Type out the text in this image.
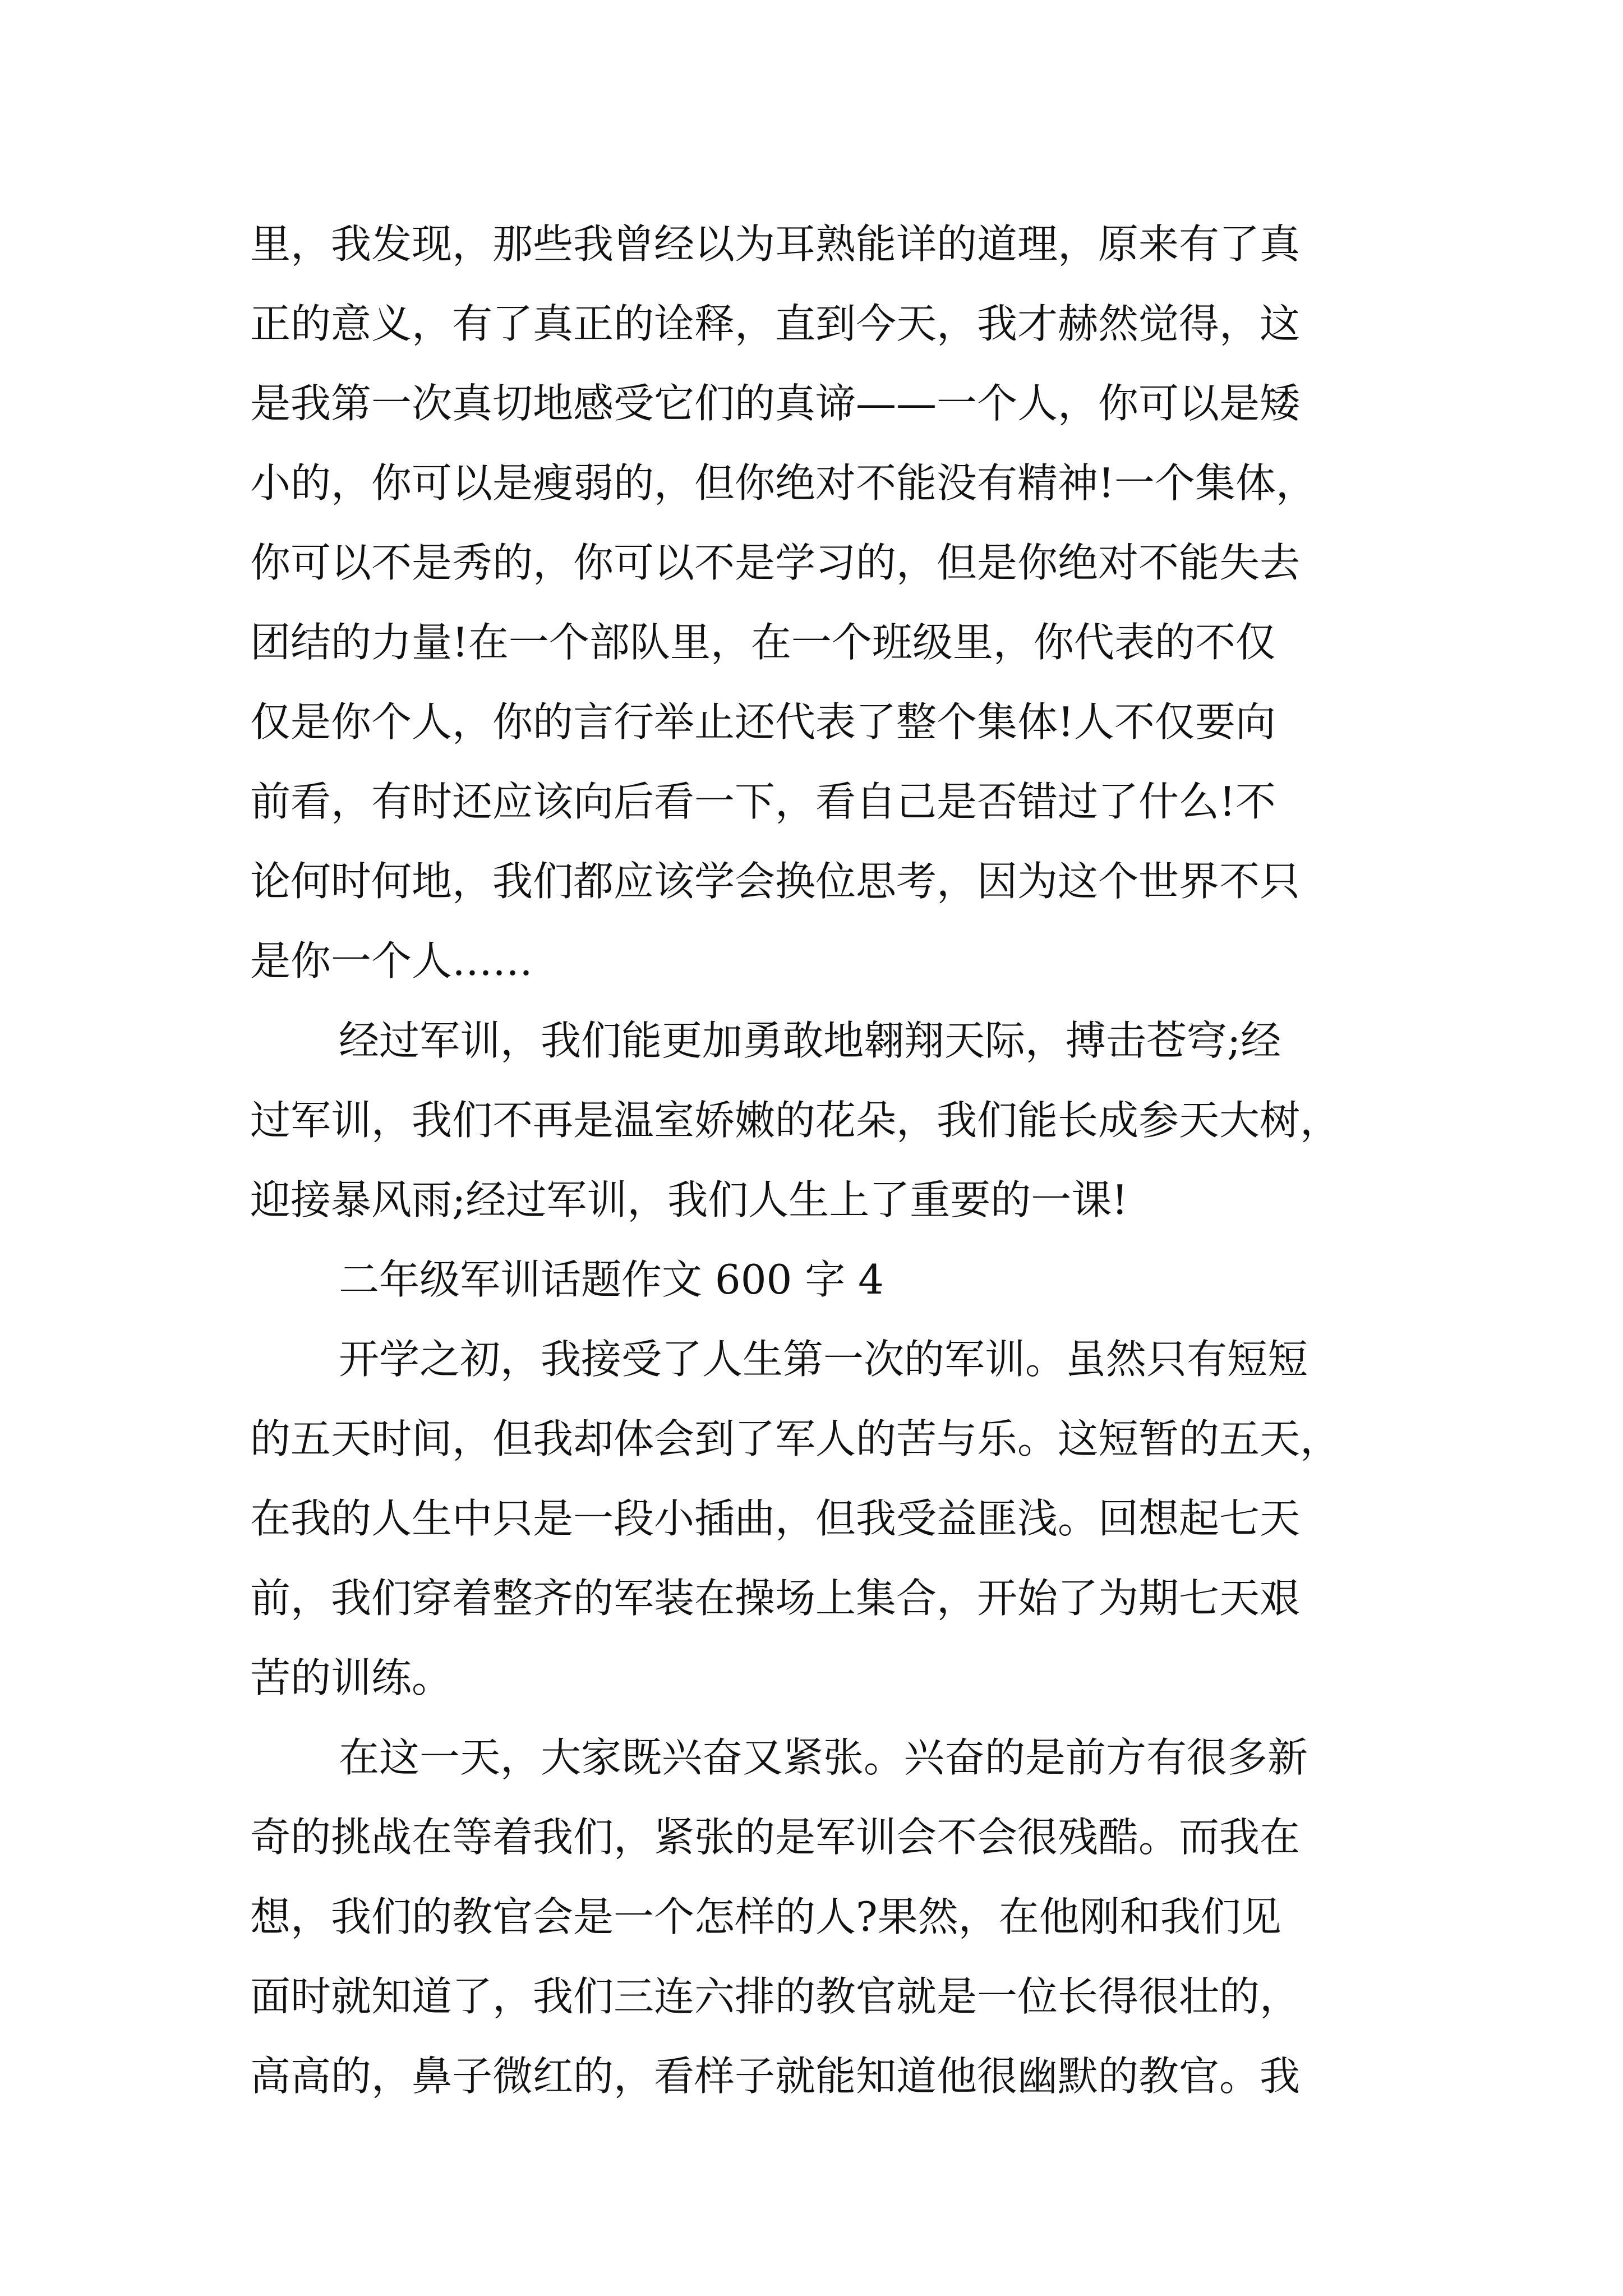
里，我发现，那些我曾经以为耳熟能详的道理，原来有了真
正的意义，有了真正的诠释，直到今天，我才赫然觉得，这
是我第一次真切地感受它们的真谛——一个人，你可以是矮
小的，你可以是瘦弱的，但你绝对不能没有精神!一个集体，
你可以不是秀的，你可以不是学习的，但是你绝对不能失去
团结的力量!在一个部队里，在一个班级里，你代表的不仅
仅是你个人，你的言行举止还代表了整个集体!人不仅要向
前看，有时还应该向后看一下，看自己是否错过了什么!不
论何时何地，我们都应该学会换位思考，因为这个世界不只
是你一个人……
经过军训，我们能更加勇敢地翱翔天际，搏击苍穹;经
过军训，我们不再是温室娇嫩的花朵，我们能长成参天大树，
迎接暴风雨;经过军训，我们人生上了重要的一课!
二年级军训话题作文 600 字 4
开学之初，我接受了人生第一次的军训。虽然只有短短
的五天时间，但我却体会到了军人的苦与乐。这短暂的五天，
在我的人生中只是一段小插曲，但我受益匪浅。回想起七天
前，我们穿着整齐的军装在操场上集合，开始了为期七天艰
苦的训练。
在这一天，大家既兴奋又紧张。兴奋的是前方有很多新
奇的挑战在等着我们，紧张的是军训会不会很残酷。而我在
想，我们的教官会是一个怎样的人?果然，在他刚和我们见
面时就知道了，我们三连六排的教官就是一位长得很壮的，
高高的，鼻子微红的，看样子就能知道他很幽默的教官。我
